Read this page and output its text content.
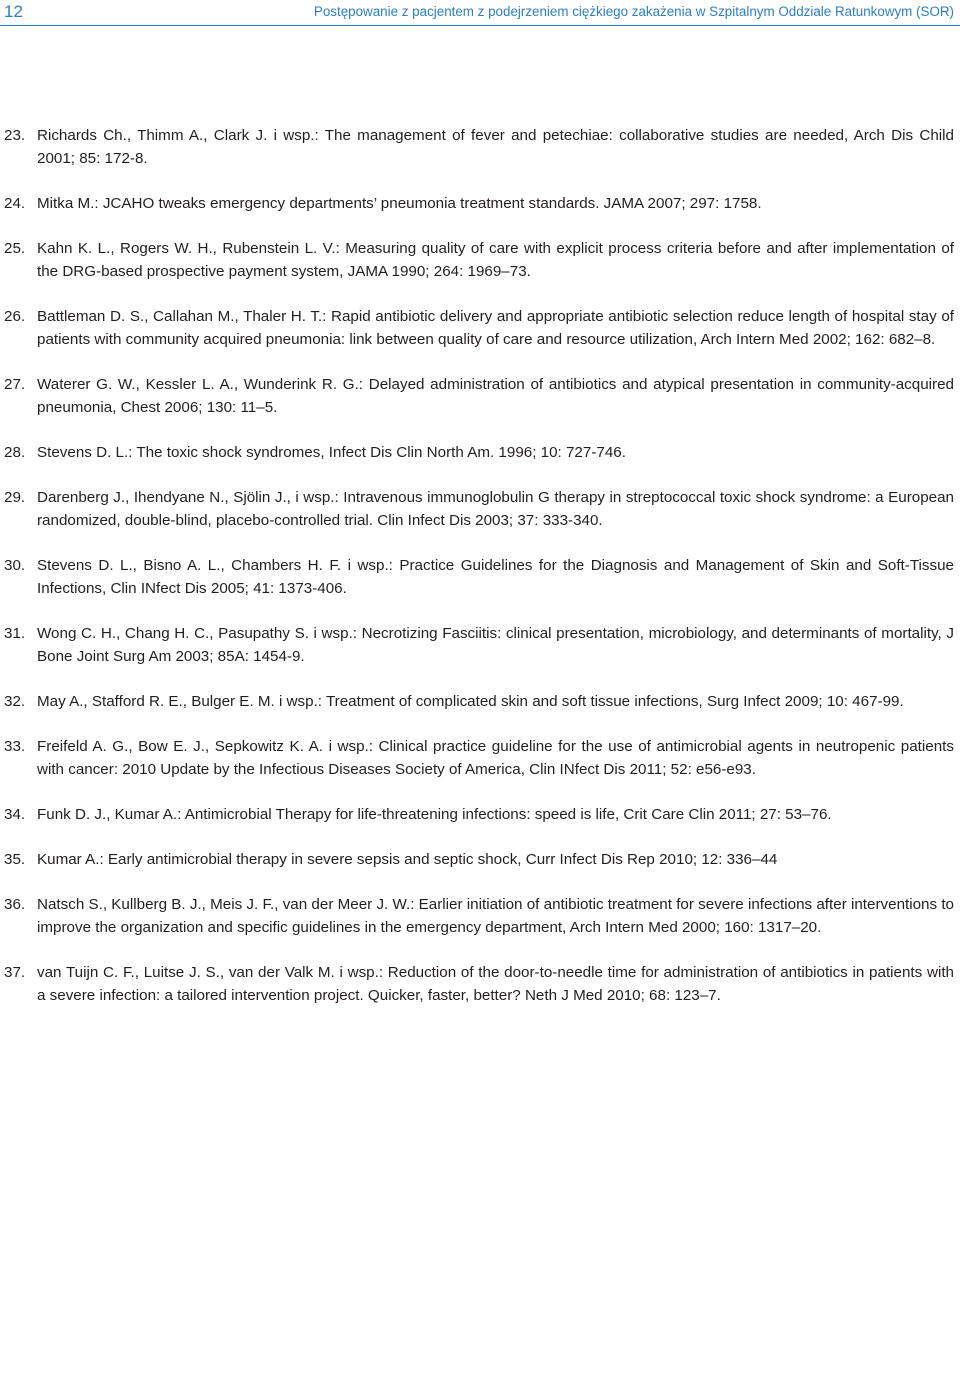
12	Postępowanie z pacjentem z podejrzeniem ciężkiego zakażenia w Szpitalnym Oddziale Ratunkowym (SOR)
23. Richards Ch., Thimm A., Clark J. i wsp.: The management of fever and petechiae: collaborative studies are needed, Arch Dis Child 2001; 85: 172-8.
24. Mitka M.: JCAHO tweaks emergency departments’ pneumonia treatment standards. JAMA 2007; 297: 1758.
25. Kahn K. L., Rogers W. H., Rubenstein L. V.: Measuring quality of care with explicit process criteria before and after implementation of the DRG-based prospective payment system, JAMA 1990; 264: 1969–73.
26. Battleman D. S., Callahan M., Thaler H. T.: Rapid antibiotic delivery and appropriate antibiotic selection reduce length of hospital stay of patients with community acquired pneumonia: link between quality of care and resource utilization, Arch Intern Med 2002; 162: 682–8.
27. Waterer G. W., Kessler L. A., Wunderink R. G.: Delayed administration of antibiotics and atypical presentation in community-acquired pneumonia, Chest 2006; 130: 11–5.
28. Stevens D. L.: The toxic shock syndromes, Infect Dis Clin North Am. 1996; 10: 727-746.
29. Darenberg J., Ihendyane N., Sjölin J., i wsp.: Intravenous immunoglobulin G therapy in streptococcal toxic shock syndrome: a European randomized, double-blind, placebo-controlled trial. Clin Infect Dis 2003; 37: 333-340.
30. Stevens D. L., Bisno A. L., Chambers H. F. i wsp.: Practice Guidelines for the Diagnosis and Management of Skin and Soft-Tissue Infections, Clin INfect Dis 2005; 41: 1373-406.
31. Wong C. H., Chang H. C., Pasupathy S. i wsp.: Necrotizing Fasciitis: clinical presentation, microbiology, and determinants of mortality, J Bone Joint Surg Am 2003; 85A: 1454-9.
32. May A., Stafford R. E., Bulger E. M. i wsp.: Treatment of complicated skin and soft tissue infections, Surg Infect 2009; 10: 467-99.
33. Freifeld A. G., Bow E. J., Sepkowitz K. A. i wsp.: Clinical practice guideline for the use of antimicrobial agents in neutropenic patients with cancer: 2010 Update by the Infectious Diseases Society of America, Clin INfect Dis 2011; 52: e56-e93.
34. Funk D. J., Kumar A.: Antimicrobial Therapy for life-threatening infections: speed is life, Crit Care Clin 2011; 27: 53–76.
35. Kumar A.: Early antimicrobial therapy in severe sepsis and septic shock, Curr Infect Dis Rep 2010; 12: 336–44
36. Natsch S., Kullberg B. J., Meis J. F., van der Meer J. W.: Earlier initiation of antibiotic treatment for severe infections after interventions to improve the organization and specific guidelines in the emergency department, Arch Intern Med 2000; 160: 1317–20.
37. van Tuijn C. F., Luitse J. S., van der Valk M. i wsp.: Reduction of the door-to-needle time for administration of antibiotics in patients with a severe infection: a tailored intervention project. Quicker, faster, better? Neth J Med 2010; 68: 123–7.
